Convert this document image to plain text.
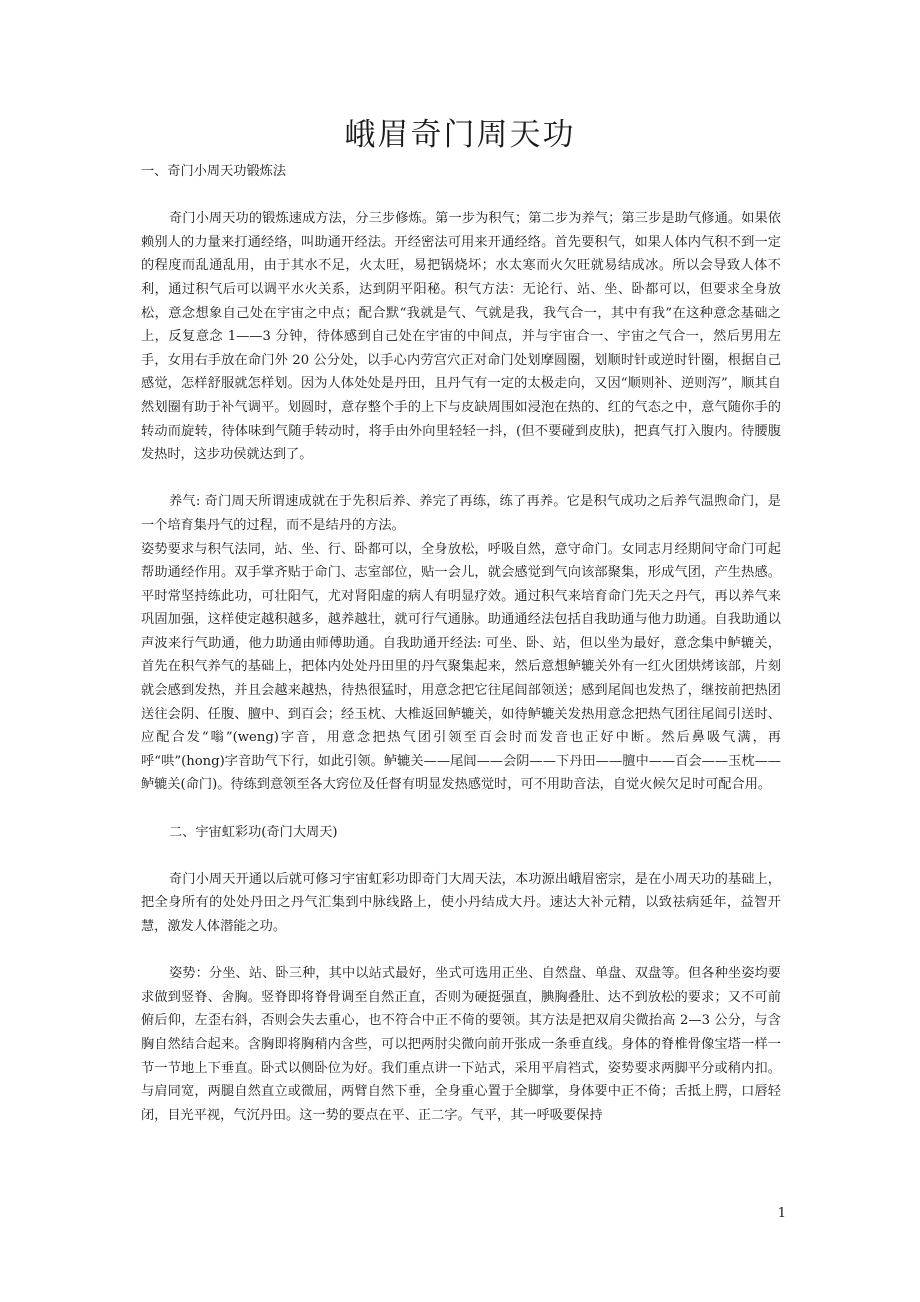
峨眉奇门周天功

一、奇门小周天功锻炼法

奇门小周天功的锻炼速成方法，分三步修炼。第一步为积气；第二步为养气；第三步是助气修通。如果依赖别人的力量来打通经络，叫助通开经法。开经密法可用来开通经络。首先要积气，如果人体内气积不到一定的程度而乱通乱用，由于其水不足，火太旺，易把锅烧坏；水太寒而火欠旺就易结成冰。所以会导致人体不利，通过积气后可以调平水火关系，达到阴平阳秘。积气方法：无论行、站、坐、卧都可以，但要求全身放松，意念想象自己处在宇宙之中点；配合默“我就是气、气就是我，我气合一，其中有我”在这种意念基础之上，反复意念 1——3 分钟，待体感到自己处在宇宙的中间点，并与宇宙合一、宇宙之气合一，然后男用左手，女用右手放在命门外 20 公分处，以手心内劳宫穴正对命门处划摩圆圈，划顺时针或逆时针圈，根据自己感觉，怎样舒服就怎样划。因为人体处处是丹田，且丹气有一定的太极走向，又因“顺则补、逆则泻”，顺其自然划圈有助于补气调平。划圆时，意存整个手的上下与皮缺周围如浸泡在热的、红的气态之中，意气随你手的转动而旋转，待体味到气随手转动时，将手由外向里轻轻一抖，(但不要碰到皮肤)，把真气打入腹内。待腰腹发热时，这步功侯就达到了。

养气: 奇门周天所谓速成就在于先积后养、养完了再练，练了再养。它是积气成功之后养气温煦命门，是一个培育集丹气的过程，而不是结丹的方法。

姿势要求与积气法同，站、坐、行、卧都可以，全身放松，呼吸自然，意守命门。女同志月经期间守命门可起帮助通经作用。双手掌齐贴于命门、志室部位，贴一会儿，就会感觉到气向该部聚集，形成气团，产生热感。平时常坚持练此功，可壮阳气，尤对肾阳虚的病人有明显疗效。通过积气来培育命门先天之丹气，再以养气来巩固加强，这样使定越积越多，越养越壮，就可行气通脉。助通通经法包括自我助通与他力助通。自我助通以声波来行气助通，他力助通由师傅助通。自我助通开经法: 可坐、卧、站，但以坐为最好，意念集中鲈辘关，首先在积气养气的基础上，把体内处处丹田里的丹气聚集起来，然后意想鲈辘关外有一红火团烘烤该部，片刻就会感到发热，并且会越来越热，待热很猛时，用意念把它往尾闾部领送；感到尾闾也发热了，继按前把热团送往会阴、任腹、膻中、到百会；经玉枕、大椎返回鲈辘关，如待鲈辘关发热用意念把热气团往尾闾引送时、应配合发“嗡”(weng)字音，用意念把热气团引领至百会时而发音也正好中断。然后鼻吸气满，再呼“哄”(hong)字音助气下行，如此引领。鲈辘关——尾闾——会阴——下丹田——膻中——百会——玉枕——鲈辘关(命门)。待练到意领至各大窍位及任督有明显发热感觉时，可不用助音法，自觉火候欠足时可配合用。

二、宇宙虹彩功(奇门大周天)

奇门小周天开通以后就可修习宇宙虹彩功即奇门大周天法，本功源出峨眉密宗，是在小周天功的基础上，把全身所有的处处丹田之丹气汇集到中脉线路上，使小丹结成大丹。速达大补元精，以致祛病延年，益智开慧，激发人体潜能之功。

姿势：分坐、站、卧三种，其中以站式最好，坐式可选用正坐、自然盘、单盘、双盘等。但各种坐姿均要求做到竖脊、舍胸。竖脊即将脊骨调至自然正直，否则为硬挺强直，腆胸叠肚、达不到放松的要求；又不可前俯后仰，左歪右斜，否则会失去重心，也不符合中正不倚的要领。其方法是把双肩尖微抬高 2—3 公分，与含胸自然结合起来。含胸即将胸稍内含些，可以把两肘尖微向前开张成一条垂直线。身体的脊椎骨像宝塔一样一节一节地上下垂直。卧式以侧卧位为好。我们重点讲一下站式，采用平肩裆式，姿势要求两脚平分或稍内扣。与肩同宽，两腿自然直立或微屈，两臂自然下垂，全身重心置于全脚掌，身体要中正不倚；舌抵上腭，口唇轻闭，目光平视，气沉丹田。这一势的要点在平、正二字。气平，其一呼吸要保持

1
